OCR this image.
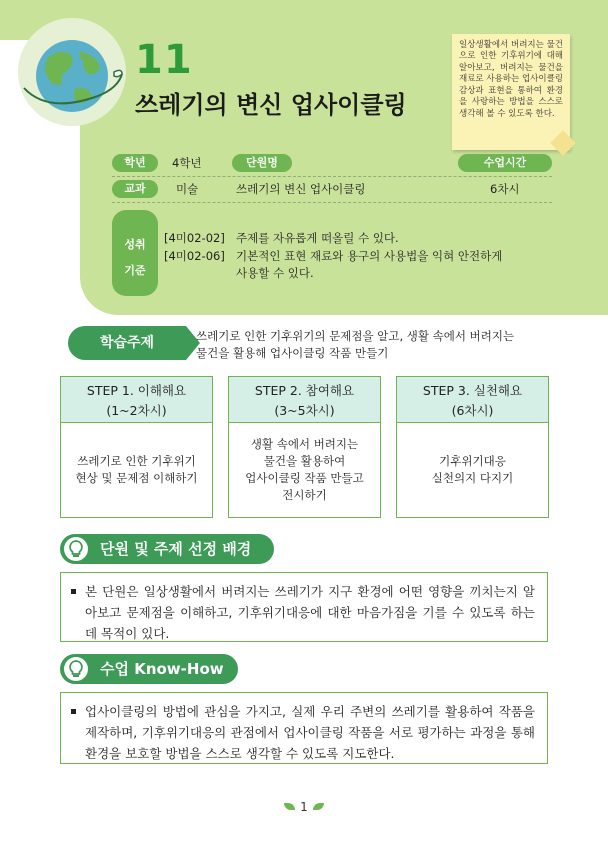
11
쓰레기의 변신 업사이클링
일상생활에서 버려지는 물건으로 인한 기후위기에 대해 알아보고, 버려지는 물건을 재료로 사용하는 업사이클링 감상과 표현을 통하여 환경을 사랑하는 방법을 스스로 생각해 볼 수 있도록 한다.
학년	4학년	단원명	수업시간
교과	미술	쓰레기의 변신 업사이클링	6차시
성취
기준
[4미02-02] 주제를 자유롭게 떠올릴 수 있다.
[4미02-06] 기본적인 표현 재료와 용구의 사용법을 익혀 안전하게
사용할 수 있다.
학습주제	쓰레기로 인한 기후위기의 문제점을 알고, 생활 속에서 버려지는
물건을 활용해 업사이클링 작품 만들기
STEP 1. 이해해요
(1~2차시)
쓰레기로 인한 기후위기
현상 및 문제점 이해하기
STEP 2. 참여해요
(3~5차시)
생활 속에서 버려지는
물건을 활용하여
업사이클링 작품 만들고
전시하기
STEP 3. 실천해요
(6차시)
기후위기대응
실천의지 다지기
단원 및 주제 선정 배경
본 단원은 일상생활에서 버려지는 쓰레기가 지구 환경에 어떤 영향을 끼치는지 알아보고 문제점을 이해하고, 기후위기대응에 대한 마음가짐을 기를 수 있도록 하는 데 목적이 있다.
수업 Know-How
업사이클링의 방법에 관심을 가지고, 실제 우리 주변의 쓰레기를 활용하여 작품을 제작하며, 기후위기대응의 관점에서 업사이클링 작품을 서로 평가하는 과정을 통해 환경을 보호할 방법을 스스로 생각할 수 있도록 지도한다.
1
